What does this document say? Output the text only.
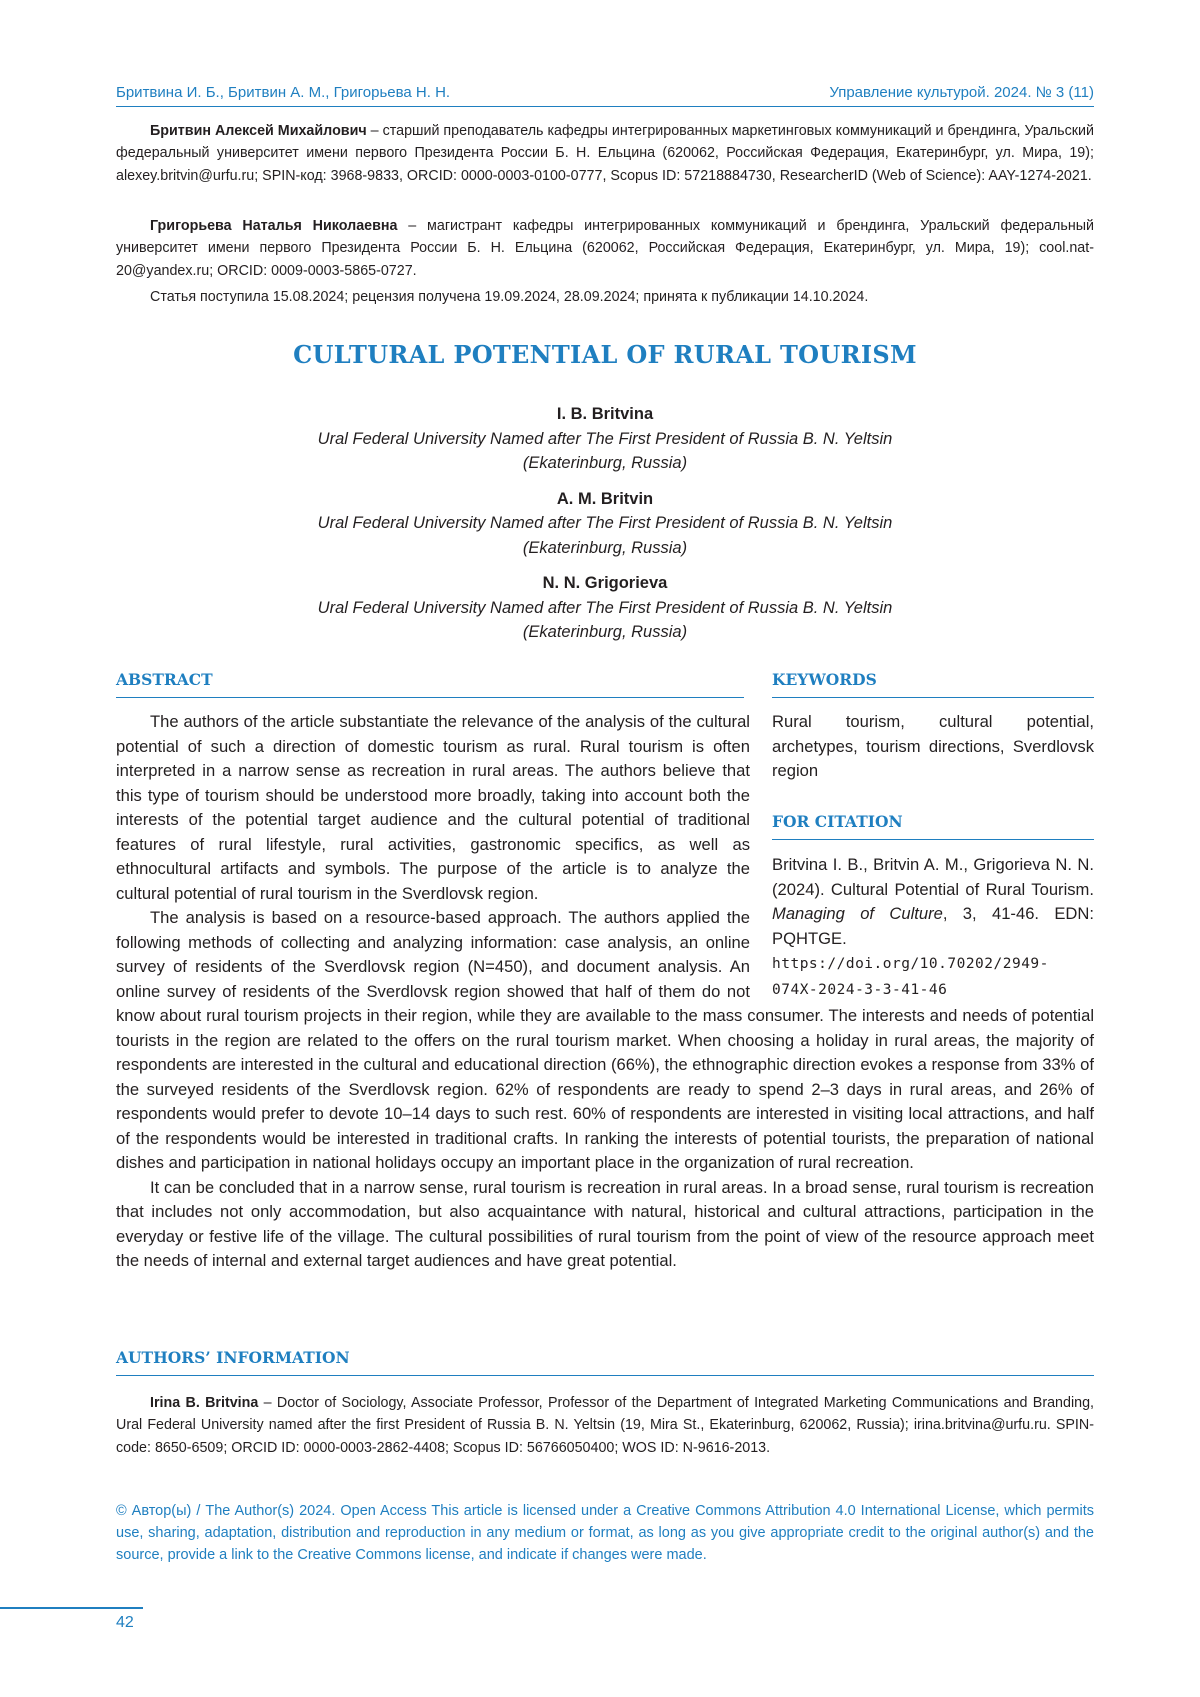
Бритвина И. Б., Бритвин А. М., Григорьева Н. Н.	Управление культурой. 2024. № 3 (11)

Бритвин Алексей Михайлович – старший преподаватель кафедры интегрированных маркетинговых коммуникаций и брендинга, Уральский федеральный университет имени первого Президента России Б. Н. Ельцина (620062, Российская Федерация, Екатеринбург, ул. Мира, 19); alexey.britvin@urfu.ru; SPIN-код: 3968-9833, ORCID: 0000-0003-0100-0777, Scopus ID: 57218884730, ResearcherID (Web of Science): AAY-1274-2021.

Григорьева Наталья Николаевна – магистрант кафедры интегрированных коммуникаций и брендинга, Уральский федеральный университет имени первого Президента России Б. Н. Ельцина (620062, Российская Федерация, Екатеринбург, ул. Мира, 19); cool.nat-20@yandex.ru; ORCID: 0009-0003-5865-0727.

Статья поступила 15.08.2024; рецензия получена 19.09.2024, 28.09.2024; принята к публикации 14.10.2024.

CULTURAL POTENTIAL OF RURAL TOURISM
I. B. Britvina
Ural Federal University Named after The First President of Russia B. N. Yeltsin
(Ekaterinburg, Russia)
A. M. Britvin
Ural Federal University Named after The First President of Russia B. N. Yeltsin
(Ekaterinburg, Russia)
N. N. Grigorieva
Ural Federal University Named after The First President of Russia B. N. Yeltsin
(Ekaterinburg, Russia)
ABSTRACT	KEYWORDS

The authors of the article substantiate the relevance of the analysis of the cultural potential of such a direction of domestic tourism as rural. Rural tourism is often interpreted in a narrow sense as recreation in rural areas. The authors believe that this type of tourism should be understood more broadly, taking into account both the interests of the potential target audience and the cultural potential of traditional features of rural lifestyle, rural activities, gastronomic specifics, as well as ethnocultural artifacts and symbols. The purpose of the article is to analyze the cultural potential of rural tourism in the Sverdlovsk region.

The analysis is based on a resource-based approach. The authors applied the following methods of collecting and analyzing information: case analysis, an online survey of residents of the Sverdlovsk region (N=450), and document analysis. An online survey of residents of the Sverdlovsk region showed that half of them do not know about rural tourism projects in their region, while they are available to the mass consumer. The interests and needs of potential tourists in the region are related to the offers on the rural tourism market. When choosing a holiday in rural areas, the majority of respondents are interested in the cultural and educational direction (66%), the ethnographic direction evokes a response from 33% of the surveyed residents of the Sverdlovsk region. 62% of respondents are ready to spend 2–3 days in rural areas, and 26% of respondents would prefer to devote 10–14 days to such rest. 60% of respondents are interested in visiting local attractions, and half of the respondents would be interested in traditional crafts. In ranking the interests of potential tourists, the preparation of national dishes and participation in national holidays occupy an important place in the organization of rural recreation.

It can be concluded that in a narrow sense, rural tourism is recreation in rural areas. In a broad sense, rural tourism is recreation that includes not only accommodation, but also acquaintance with natural, historical and cultural attractions, participation in the everyday or festive life of the village. The cultural possibilities of rural tourism from the point of view of the resource approach meet the needs of internal and external target audiences and have great potential.

Rural tourism, cultural potential, archetypes, tourism directions, Sverdlovsk region
FOR CITATION
Britvina I. B., Britvin A. M., Grigorieva N. N. (2024). Cultural Potential of Rural Tourism. Managing of Culture, 3, 41-46. EDN: PQHTGE. https://doi.org/10.70202/2949-074X-2024-3-3-41-46
AUTHORS’ INFORMATION

Irina B. Britvina – Doctor of Sociology, Associate Professor, Professor of the Department of Integrated Marketing Communications and Branding, Ural Federal University named after the first President of Russia B. N. Yeltsin (19, Mira St., Ekaterinburg, 620062, Russia); irina.britvina@urfu.ru. SPIN-code: 8650-6509; ORCID ID: 0000-0003-2862-4408; Scopus ID: 56766050400; WOS ID: N-9616-2013.

© Автор(ы) / The Author(s) 2024. Open Access This article is licensed under a Creative Commons Attribution 4.0 International License, which permits use, sharing, adaptation, distribution and reproduction in any medium or format, as long as you give appropriate credit to the original author(s) and the source, provide a link to the Creative Commons license, and indicate if changes were made.
42
